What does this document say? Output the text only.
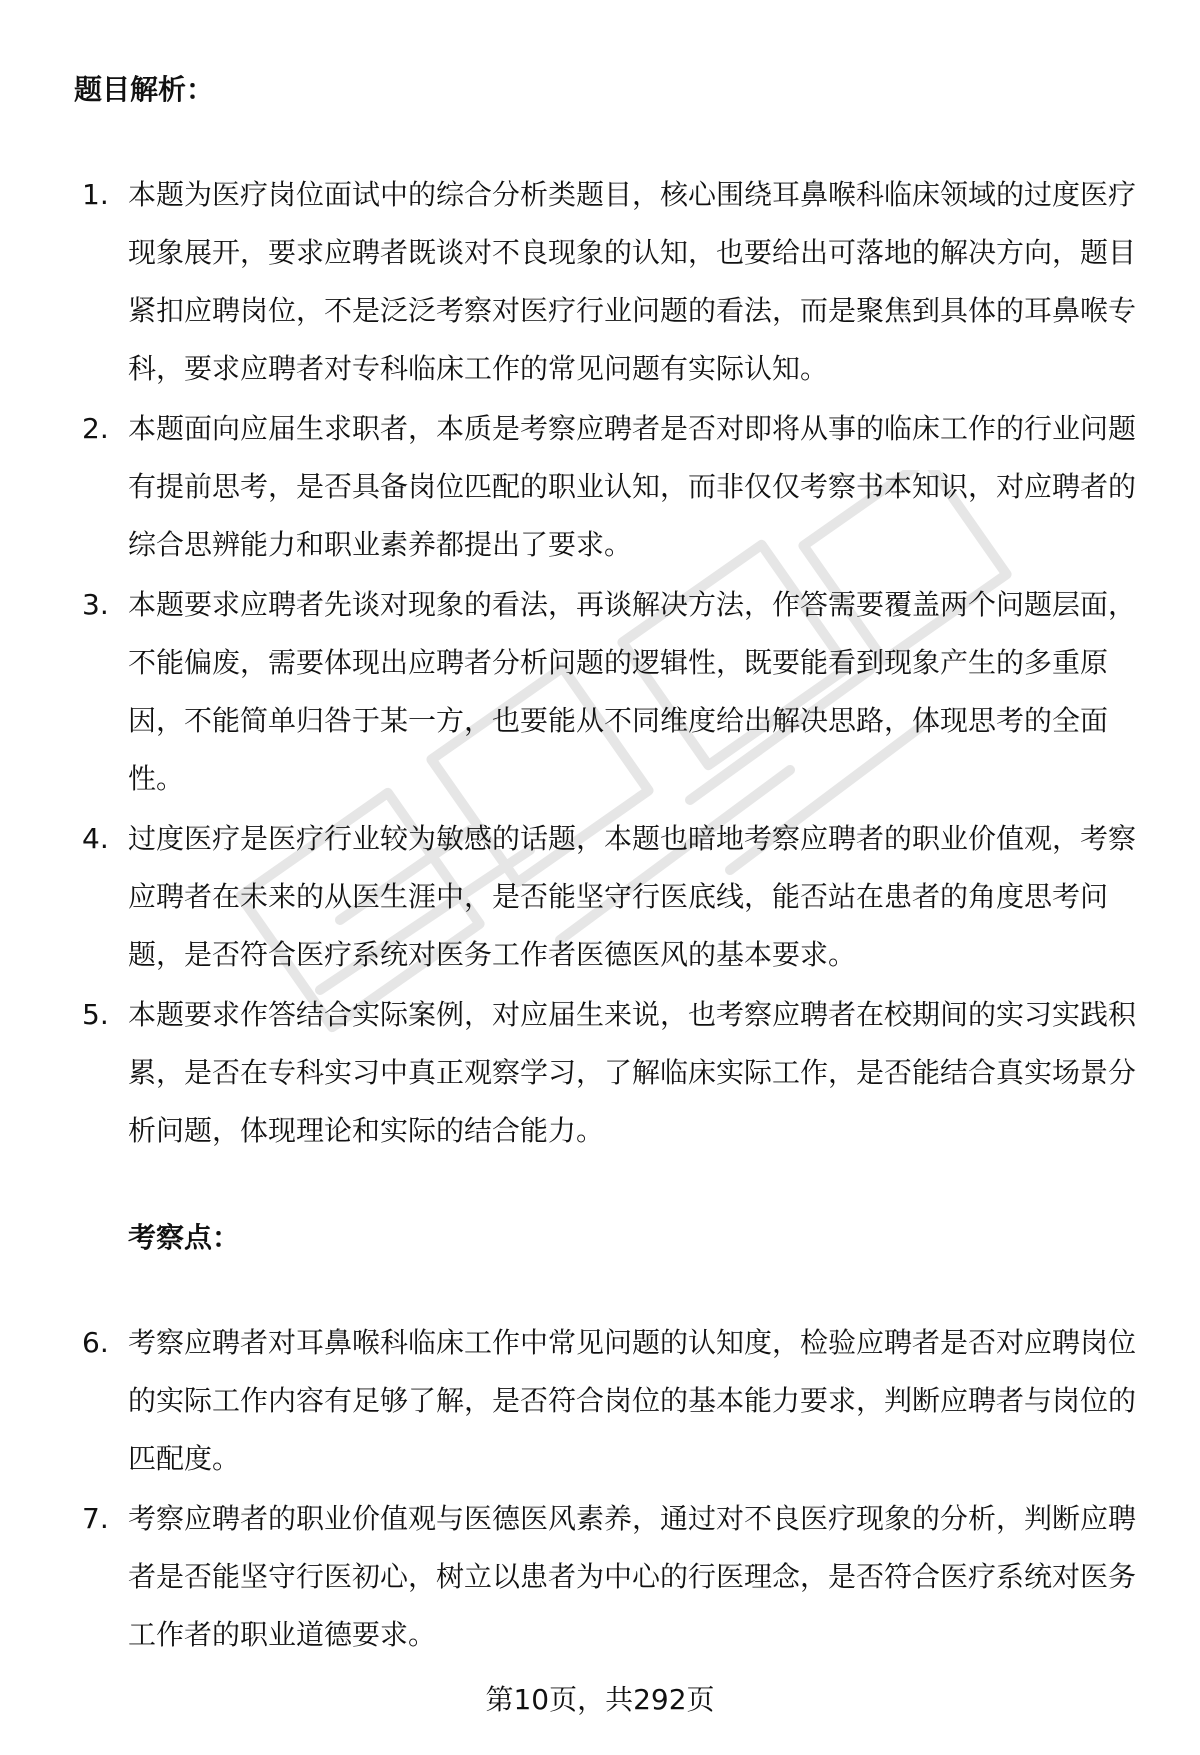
题目解析：
1. 本题为医疗岗位面试中的综合分析类题目，核心围绕耳鼻喉科临床领域的过度医疗现象展开，要求应聘者既谈对不良现象的认知，也要给出可落地的解决方向，题目紧扣应聘岗位，不是泛泛考察对医疗行业问题的看法，而是聚焦到具体的耳鼻喉专科，要求应聘者对专科临床工作的常见问题有实际认知。
2. 本题面向应届生求职者，本质是考察应聘者是否对即将从事的临床工作的行业问题有提前思考，是否具备岗位匹配的职业认知，而非仅仅考察书本知识，对应聘者的综合思辨能力和职业素养都提出了要求。
3. 本题要求应聘者先谈对现象的看法，再谈解决方法，作答需要覆盖两个问题层面，不能偏废，需要体现出应聘者分析问题的逻辑性，既要能看到现象产生的多重原因，不能简单归咎于某一方，也要能从不同维度给出解决思路，体现思考的全面性。
4. 过度医疗是医疗行业较为敏感的话题，本题也暗地考察应聘者的职业价值观，考察应聘者在未来的从医生涯中，是否能坚守行医底线，能否站在患者的角度思考问题，是否符合医疗系统对医务工作者医德医风的基本要求。
5. 本题要求作答结合实际案例，对应届生来说，也考察应聘者在校期间的实习实践积累，是否在专科实习中真正观察学习，了解临床实际工作，是否能结合真实场景分析问题，体现理论和实际的结合能力。
考察点：
6. 考察应聘者对耳鼻喉科临床工作中常见问题的认知度，检验应聘者是否对应聘岗位的实际工作内容有足够了解，是否符合岗位的基本能力要求，判断应聘者与岗位的匹配度。
7. 考察应聘者的职业价值观与医德医风素养，通过对不良医疗现象的分析，判断应聘者是否能坚守行医初心，树立以患者为中心的行医理念，是否符合医疗系统对医务工作者的职业道德要求。
第10页，共292页
